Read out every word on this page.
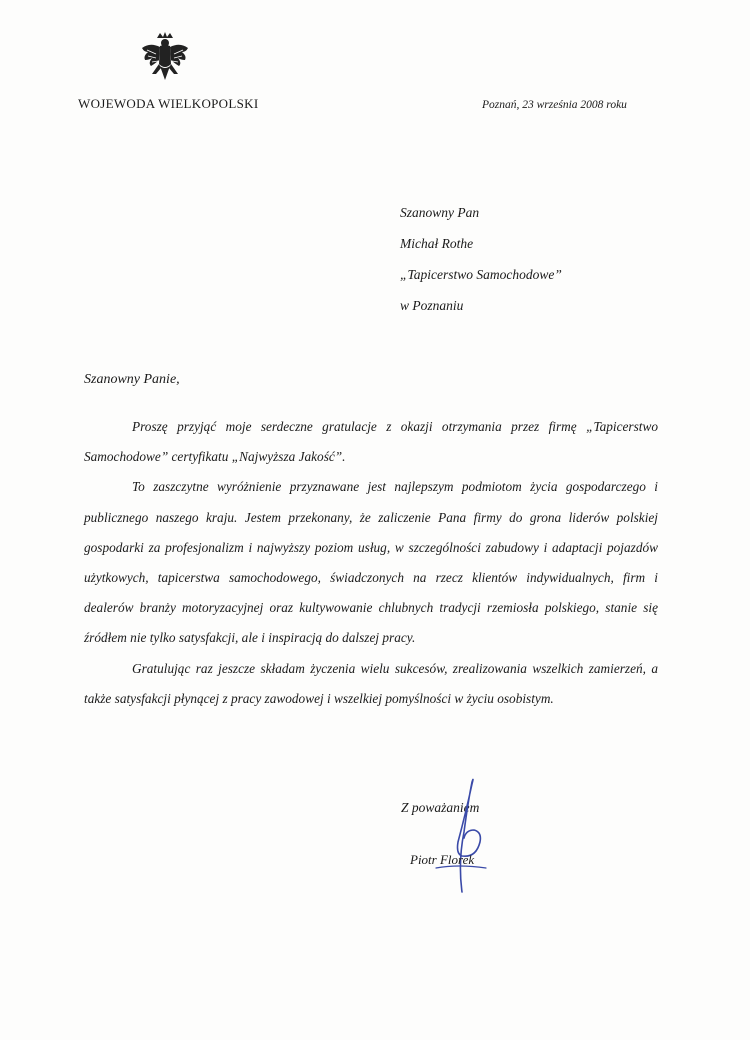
WOJEWODA WIELKOPOLSKI	Poznań, 23 września 2008 roku
Szanowny Pan
Michał Rothe
„Tapicerstwo Samochodowe”
w Poznaniu
Szanowny Panie,

Proszę przyjąć moje serdeczne gratulacje z okazji otrzymania przez firmę „Tapicerstwo Samochodowe” certyfikatu „Najwyższa Jakość”.

To zaszczytne wyróżnienie przyznawane jest najlepszym podmiotom życia gospodarczego i publicznego naszego kraju. Jestem przekonany, że zaliczenie Pana firmy do grona liderów polskiej gospodarki za profesjonalizm i najwyższy poziom usług, w szczególności zabudowy i adaptacji pojazdów użytkowych, tapicerstwa samochodowego, świadczonych na rzecz klientów indywidualnych, firm i dealerów branży motoryzacyjnej oraz kultywowanie chlubnych tradycji rzemiosła polskiego, stanie się źródłem nie tylko satysfakcji, ale i inspiracją do dalszej pracy.

Gratulując raz jeszcze składam życzenia wielu sukcesów, zrealizowania wszelkich zamierzeń, a także satysfakcji płynącej z pracy zawodowej i wszelkiej pomyślności w życiu osobistym.

Z poważaniem
Piotr Florek
